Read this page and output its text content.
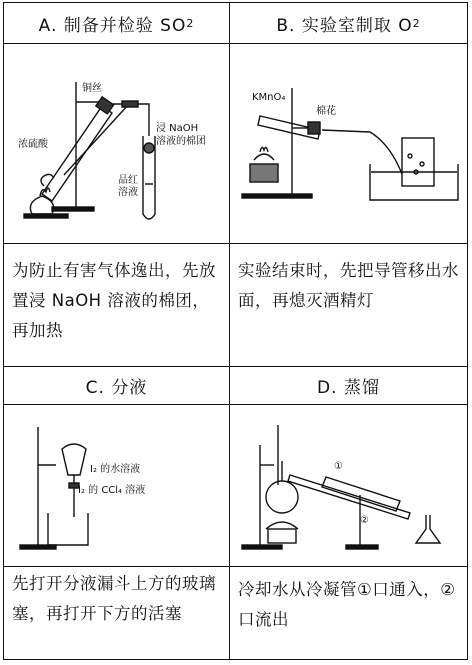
A. 制备并检验 SO 2	B. 实验室制取 O 2
铜丝
浸 NaOH
溶液的棉团
浓硫酸
品红
溶液
KMnO₄
棉花
为防止有害气体逸出，先放置浸 NaOH 溶液的棉团，再加热
实验结束时，先把导管移出水面，再熄灭酒精灯
C. 分液	D. 蒸馏
I₂ 的水溶液
I₂ 的 CCl₄ 溶液
①
②
先打开分液漏斗上方的玻璃塞，再打开下方的活塞
冷却水从冷凝管①口通入，②口流出
